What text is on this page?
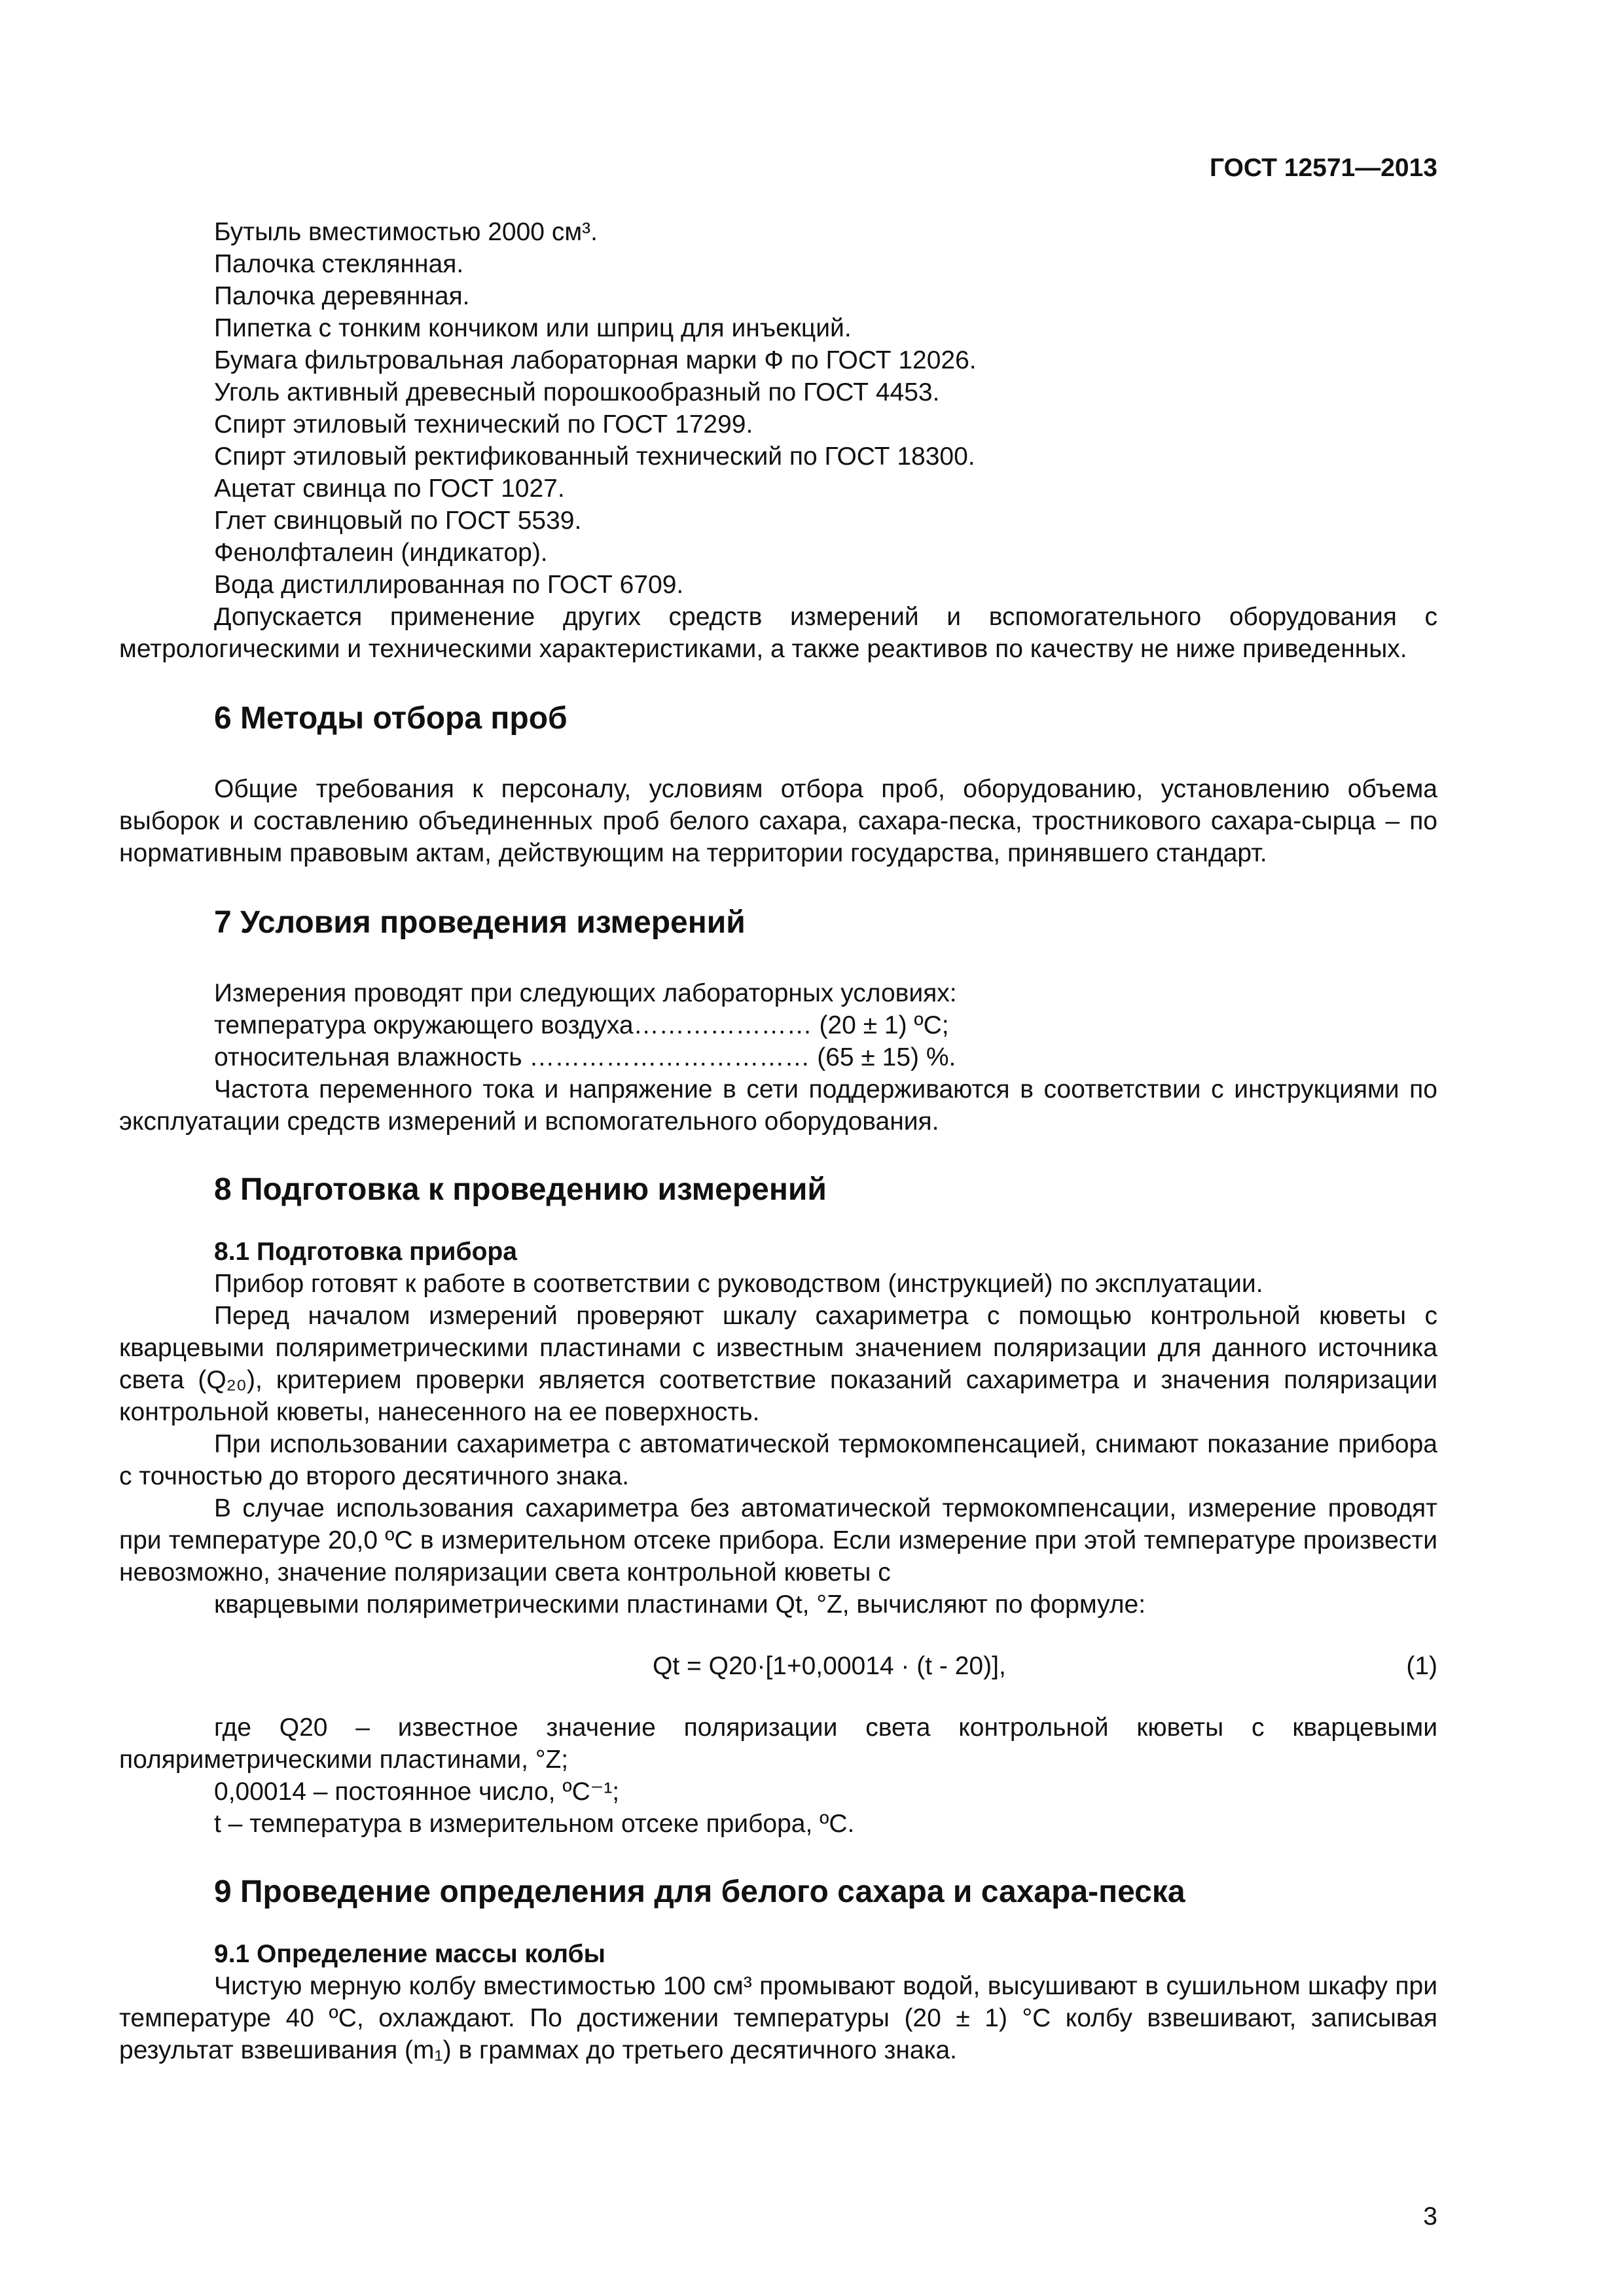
ГОСТ 12571—2013

Бутыль вместимостью 2000 см³.

Палочка стеклянная.

Палочка деревянная.

Пипетка с тонким кончиком или шприц для инъекций.

Бумага фильтровальная лабораторная марки Ф по ГОСТ 12026.

Уголь активный древесный порошкообразный по ГОСТ 4453.

Спирт этиловый технический по ГОСТ 17299.

Спирт этиловый ректификованный технический по ГОСТ 18300.

Ацетат свинца по ГОСТ 1027.

Глет свинцовый по ГОСТ 5539.

Фенолфталеин (индикатор).

Вода дистиллированная по ГОСТ 6709.

Допускается применение других средств измерений и вспомогательного оборудования с метрологическими и техническими характеристиками, а также реактивов по качеству не ниже приведенных.

6 Методы отбора проб

Общие требования к персоналу, условиям отбора проб, оборудованию, установлению объема выборок и составлению объединенных проб белого сахара, сахара-песка, тростникового сахара-сырца – по нормативным правовым актам, действующим на территории государства, принявшего стандарт.

7 Условия проведения измерений

Измерения проводят при следующих лабораторных условиях:

температура окружающего воздуха………………… (20 ± 1) ºС;

относительная влажность …………………………… (65 ± 15) %.

Частота переменного тока и напряжение в сети поддерживаются в соответствии с инструкциями по эксплуатации средств измерений и вспомогательного оборудования.

8 Подготовка к проведению измерений
8.1 Подготовка прибора

Прибор готовят к работе в соответствии с руководством (инструкцией) по эксплуатации.

Перед началом измерений проверяют шкалу сахариметра с помощью контрольной кюветы с кварцевыми поляриметрическими пластинами с известным значением поляризации для данного источника света (Q₂₀), критерием проверки является соответствие показаний сахариметра и значения поляризации контрольной кюветы, нанесенного на ее поверхность.

При использовании сахариметра с автоматической термокомпенсацией, снимают показание прибора с точностью до второго десятичного знака.

В случае использования сахариметра без автоматической термокомпенсации, измерение проводят при температуре 20,0 ºС в измерительном отсеке прибора. Если измерение при этой температуре произвести невозможно, значение поляризации света контрольной кюветы с

кварцевыми поляриметрическими пластинами Qt, °Z, вычисляют по формуле:

Qt = Q20·[1+0,00014 · (t - 20)],	(1)

где Q20 – известное значение поляризации света контрольной кюветы с кварцевыми поляриметрическими пластинами, °Z;

0,00014 – постоянное число, ºС⁻¹;

t – температура в измерительном отсеке прибора, ºС.

9 Проведение определения для белого сахара и сахара-песка
9.1 Определение массы колбы

Чистую мерную колбу вместимостью 100 см³ промывают водой, высушивают в сушильном шкафу при температуре 40 ºС, охлаждают. По достижении температуры (20 ± 1) °С колбу взвешивают, записывая результат взвешивания (m₁) в граммах до третьего десятичного знака.

3
